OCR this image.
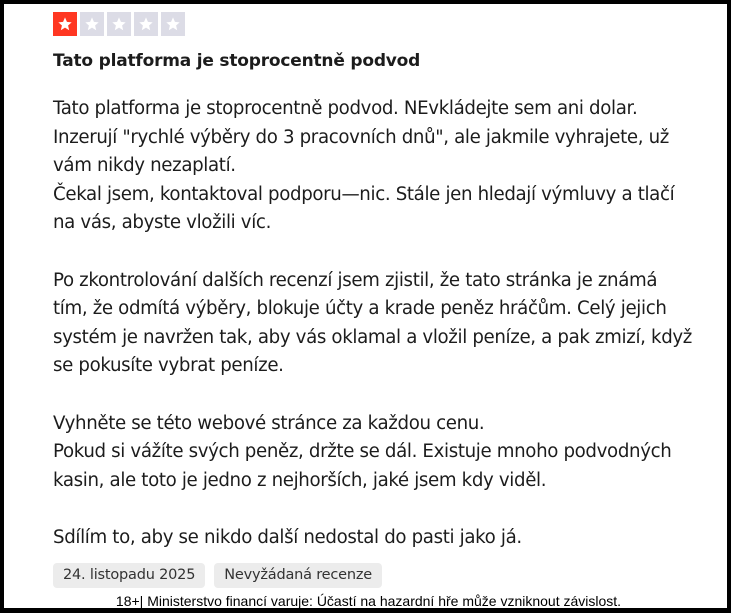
Tato platforma je stoprocentně podvod

Tato platforma je stoprocentně podvod. NEvkládejte sem ani dolar.
Inzerují "rychlé výběry do 3 pracovních dnů", ale jakmile vyhrajete, už
vám nikdy nezaplatí.
Čekal jsem, kontaktoval podporu—nic. Stále jen hledají výmluvy a tlačí
na vás, abyste vložili víc.

Po zkontrolování dalších recenzí jsem zjistil, že tato stránka je známá
tím, že odmítá výběry, blokuje účty a krade peněz hráčům. Celý jejich
systém je navržen tak, aby vás oklamal a vložil peníze, a pak zmizí, když
se pokusíte vybrat peníze.

Vyhněte se této webové stránce za každou cenu.
Pokud si vážíte svých peněz, držte se dál. Existuje mnoho podvodných
kasin, ale toto je jedno z nejhorších, jaké jsem kdy viděl.

Sdílím to, aby se nikdo další nedostal do pasti jako já.

24. listopadu 2025	Nevyžádaná recenze
18+| Ministerstvo financí varuje: Účastí na hazardní hře může vzniknout závislost.
